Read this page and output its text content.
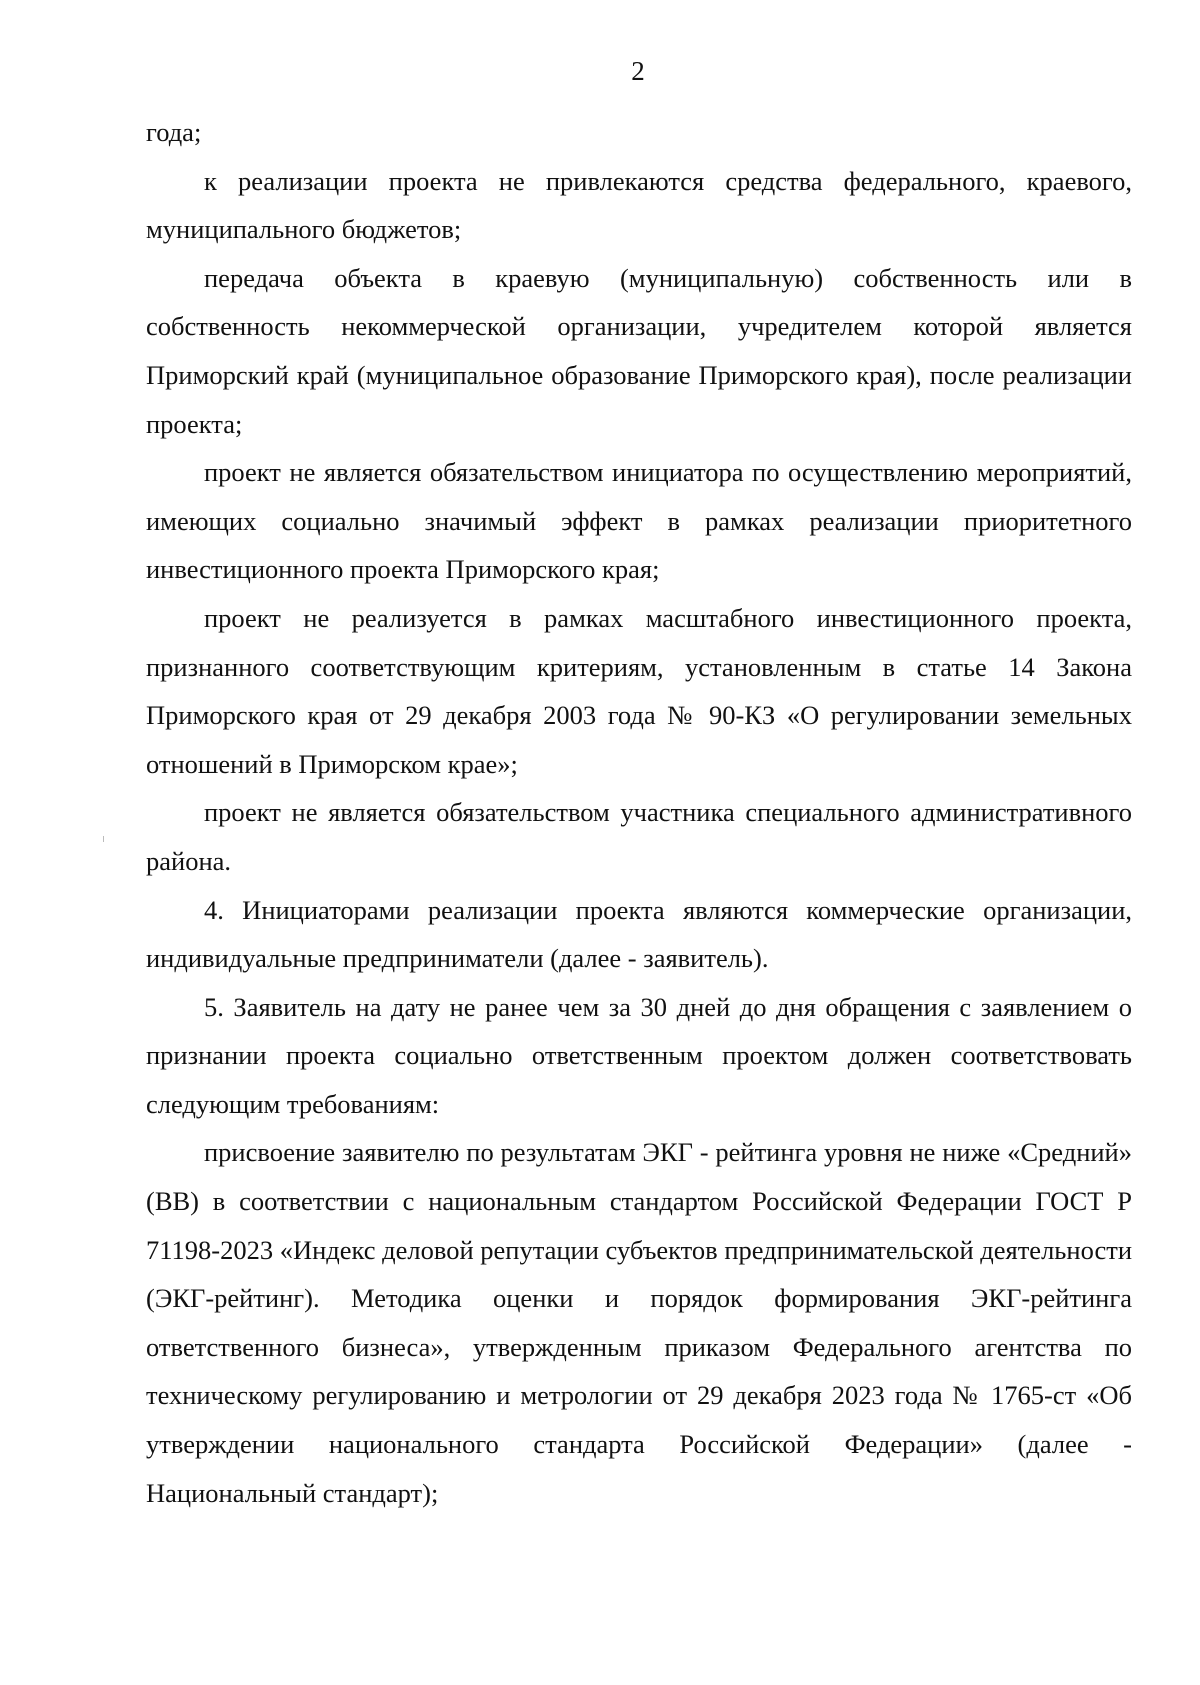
2

года;

к реализации проекта не привлекаются средства федерального, краевого, муниципального бюджетов;

передача объекта в краевую (муниципальную) собственность или в собственность некоммерческой организации, учредителем которой является Приморский край (муниципальное образование Приморского края), после реализации проекта;

проект не является обязательством инициатора по осуществлению мероприятий, имеющих социально значимый эффект в рамках реализации приоритетного инвестиционного проекта Приморского края;

проект не реализуется в рамках масштабного инвестиционного проекта, признанного соответствующим критериям, установленным в статье 14 Закона Приморского края от 29 декабря 2003 года № 90-КЗ «О регулировании земельных отношений в Приморском крае»;

проект не является обязательством участника специального административного района.

4. Инициаторами реализации проекта являются коммерческие организации, индивидуальные предприниматели (далее - заявитель).

5. Заявитель на дату не ранее чем за 30 дней до дня обращения с заявлением о признании проекта социально ответственным проектом должен соответствовать следующим требованиям:

присвоение заявителю по результатам ЭКГ - рейтинга уровня не ниже «Средний» (BB) в соответствии с национальным стандартом Российской Федерации ГОСТ Р 71198-2023 «Индекс деловой репутации субъектов предпринимательской деятельности (ЭКГ-рейтинг). Методика оценки и порядок формирования ЭКГ-рейтинга ответственного бизнеса», утвержденным приказом Федерального агентства по техническому регулированию и метрологии от 29 декабря 2023 года № 1765-ст «Об утверждении национального стандарта Российской Федерации» (далее - Национальный стандарт);
